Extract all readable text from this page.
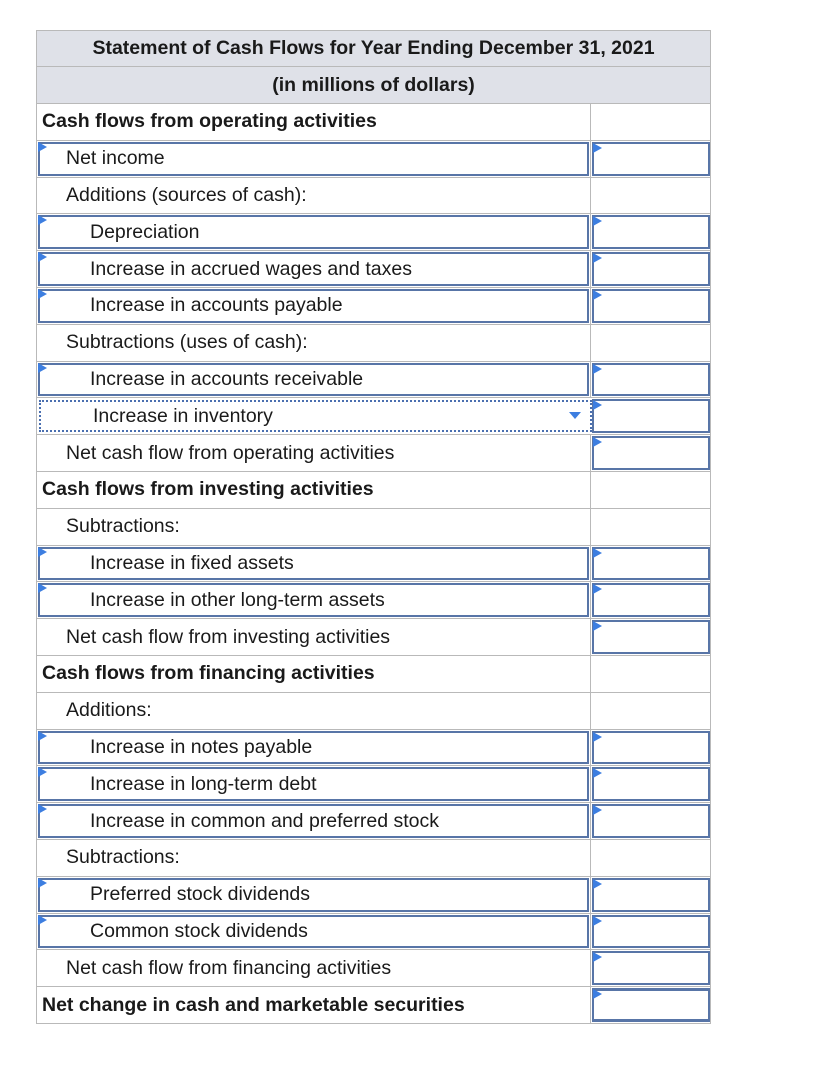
Statement of Cash Flows for Year Ending December 31, 2021
(in millions of dollars)
Cash flows from operating activities
Net income
Additions (sources of cash):
Depreciation
Increase in accrued wages and taxes
Increase in accounts payable
Subtractions (uses of cash):
Increase in accounts receivable
Increase in inventory
Net cash flow from operating activities
Cash flows from investing activities
Subtractions:
Increase in fixed assets
Increase in other long-term assets
Net cash flow from investing activities
Cash flows from financing activities
Additions:
Increase in notes payable
Increase in long-term debt
Increase in common and preferred stock
Subtractions:
Preferred stock dividends
Common stock dividends
Net cash flow from financing activities
Net change in cash and marketable securities
